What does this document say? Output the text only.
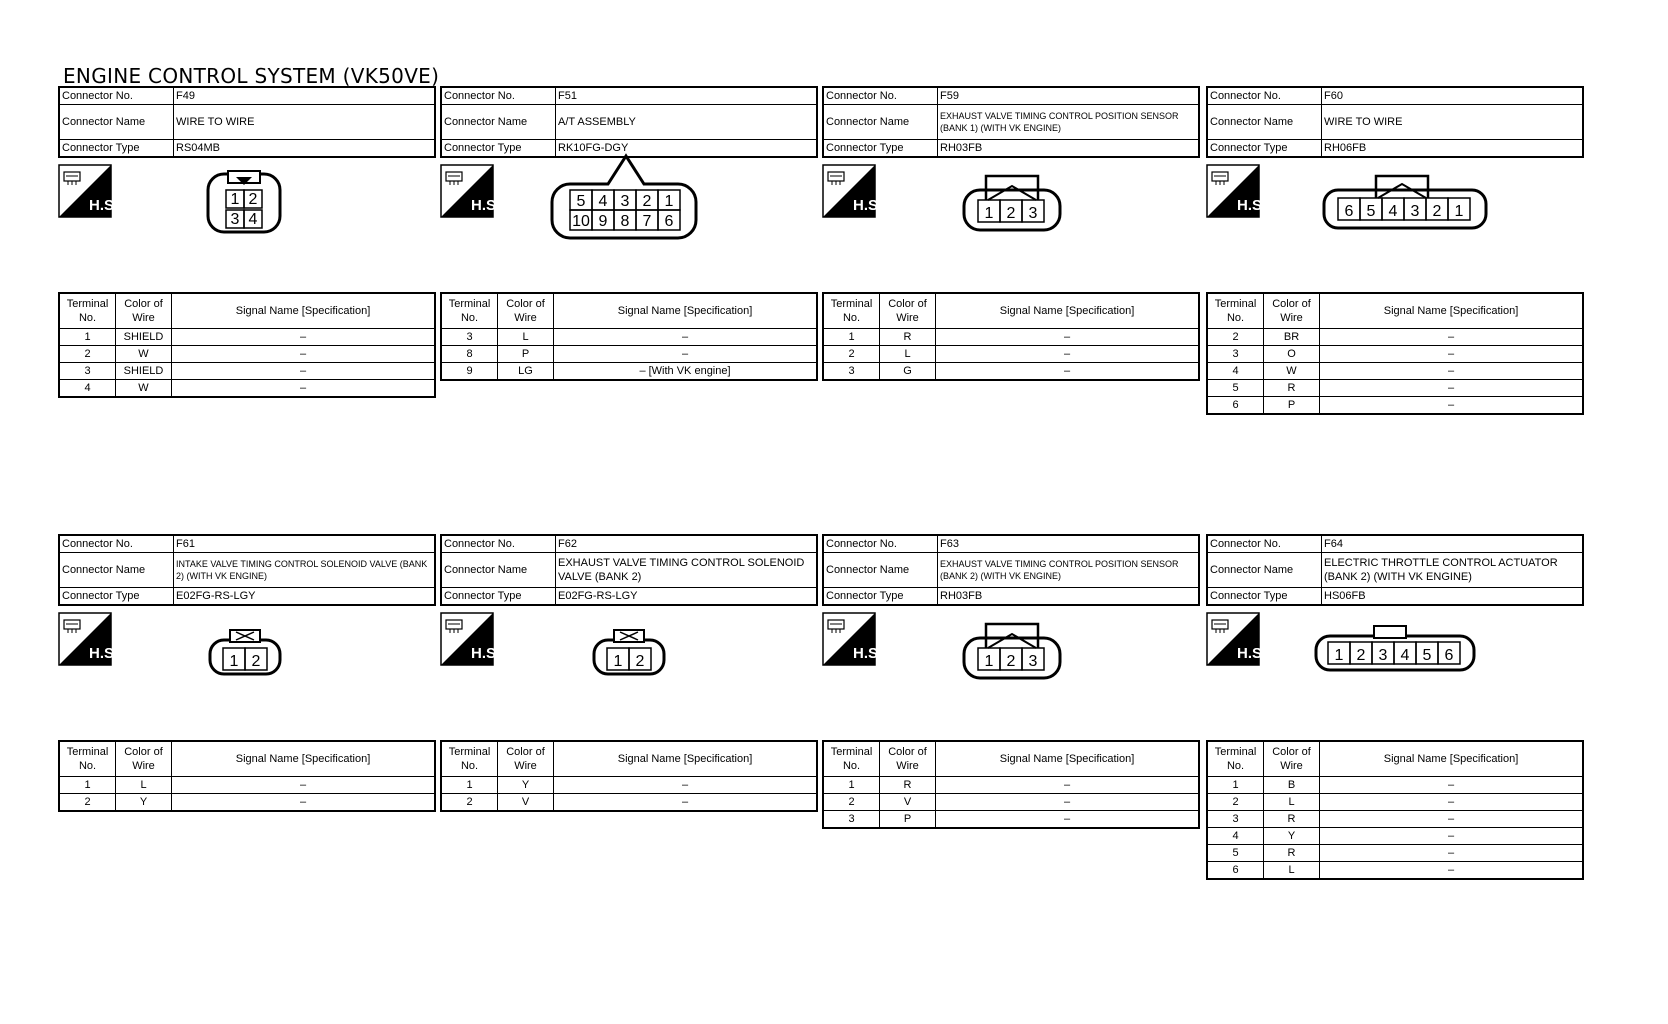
ENGINE CONTROL SYSTEM (VK50VE)
Connector No.	F49
Connector Name	WIRE TO WIRE
Connector Type	RS04MB
H.S.	1 2
3 4
Terminal No.	Color of Wire	Signal Name [Specification]
1	SHIELD	–
2	W	–
3	SHIELD	–
4	W	–
Connector No.	F51
Connector Name	A/T ASSEMBLY
Connector Type	RK10FG-DGY
H.S.	5 4 3 2 1
10 9 8 7 6
Terminal No.	Color of Wire	Signal Name [Specification]
3	L	–
8	P	–
9	LG	– [With VK engine]
Connector No.	F59
Connector Name	EXHAUST VALVE TIMING CONTROL POSITION SENSOR (BANK 1) (WITH VK ENGINE)
Connector Type	RH03FB
H.S.	1 2 3
Terminal No.	Color of Wire	Signal Name [Specification]
1	R	–
2	L	–
3	G	–
Connector No.	F60
Connector Name	WIRE TO WIRE
Connector Type	RH06FB
H.S.	6 5 4 3 2 1
Terminal No.	Color of Wire	Signal Name [Specification]
2	BR	–
3	O	–
4	W	–
5	R	–
6	P	–
Connector No.	F61
Connector Name	INTAKE VALVE TIMING CONTROL SOLENOID VALVE (BANK 2) (WITH VK ENGINE)
Connector Type	E02FG-RS-LGY
H.S.	1 2
Terminal No.	Color of Wire	Signal Name [Specification]
1	L	–
2	Y	–
Connector No.	F62
Connector Name	EXHAUST VALVE TIMING CONTROL SOLENOID VALVE (BANK 2)
Connector Type	E02FG-RS-LGY
H.S.	1 2
Terminal No.	Color of Wire	Signal Name [Specification]
1	Y	–
2	V	–
Connector No.	F63
Connector Name	EXHAUST VALVE TIMING CONTROL POSITION SENSOR (BANK 2) (WITH VK ENGINE)
Connector Type	RH03FB
H.S.	1 2 3
Terminal No.	Color of Wire	Signal Name [Specification]
1	R	–
2	V	–
3	P	–
Connector No.	F64
Connector Name	ELECTRIC THROTTLE CONTROL ACTUATOR (BANK 2) (WITH VK ENGINE)
Connector Type	HS06FB
H.S.	1 2 3 4 5 6
Terminal No.	Color of Wire	Signal Name [Specification]
1	B	–
2	L	–
3	R	–
4	Y	–
5	R	–
6	L	–
